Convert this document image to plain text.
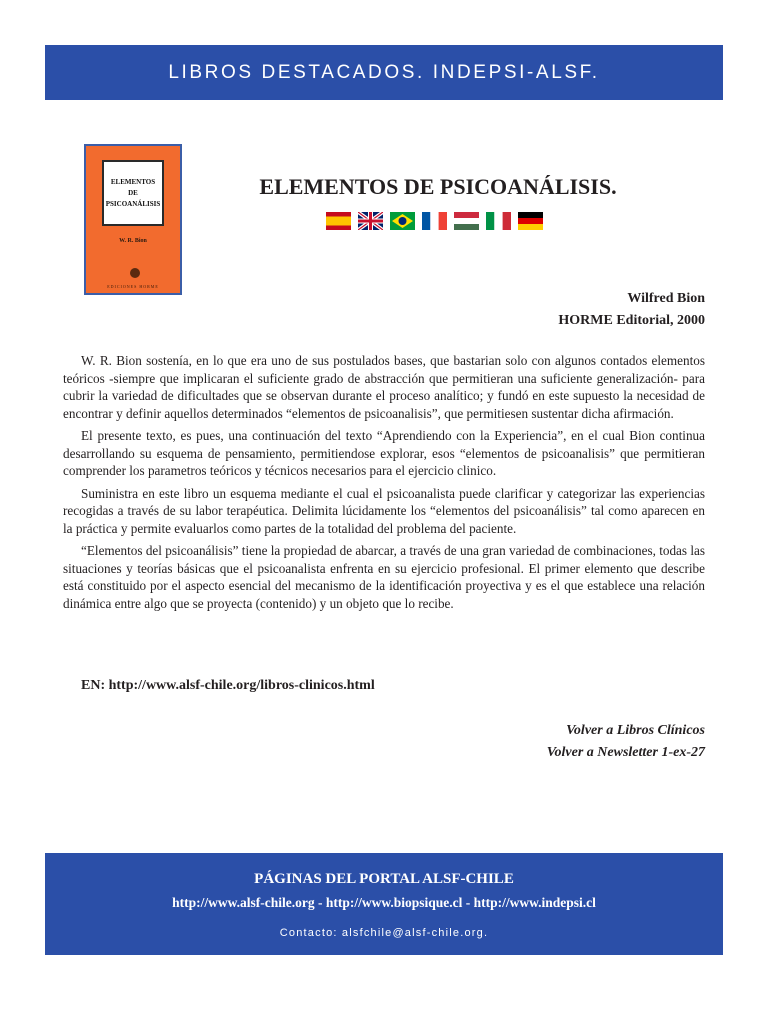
LIBROS DESTACADOS. INDEPSI-ALSF.
ELEMENTOS
DE
PSICOANÁLISIS
W. R. Bion
EDICIONES HORME
ELEMENTOS DE PSICOANÁLISIS.
Wilfred Bion
HORME Editorial, 2000

W. R. Bion sostenía, en lo que era uno de sus postulados bases, que bastarian solo con algunos contados elementos teóricos -siempre que implicaran el suficiente grado de abstracción que permitieran una suficiente generalización- para cubrir la variedad de dificultades que se observan durante el proceso analítico; y fundó en este supuesto la necesidad de encontrar y definir aquellos determinados “elementos de psicoanalisis”, que permitiesen sustentar dicha afirmación.

El presente texto, es pues, una continuación del texto “Aprendiendo con la Experiencia”, en el cual Bion continua desarrollando su esquema de pensamiento, permitiendose explorar, esos “elementos de psicoanalisis” que permitieran comprender los parametros teóricos y técnicos necesarios para el ejercicio clinico.

Suministra en este libro un esquema mediante el cual el psicoanalista puede clarificar y categorizar las experiencias recogidas a través de su labor terapéutica. Delimita lúcidamente los “elementos del psicoanálisis” tal como aparecen en la práctica y permite evaluarlos como partes de la totalidad del problema del paciente.

“Elementos del psicoanálisis” tiene la propiedad de abarcar, a través de una gran variedad de combinaciones, todas las situaciones y teorías básicas que el psicoanalista enfrenta en su ejercicio profesional. El primer elemento que describe está constituido por el aspecto esencial del mecanismo de la identificación proyectiva y es el que establece una relación dinámica entre algo que se proyecta (contenido) y un objeto que lo recibe.

EN: http://www.alsf-chile.org/libros-clinicos.html
Volver a Libros Clínicos
Volver a Newsletter 1-ex-27
PÁGINAS DEL PORTAL ALSF-CHILE
http://www.alsf-chile.org - http://www.biopsique.cl - http://www.indepsi.cl
Contacto: alsfchile@alsf-chile.org.
